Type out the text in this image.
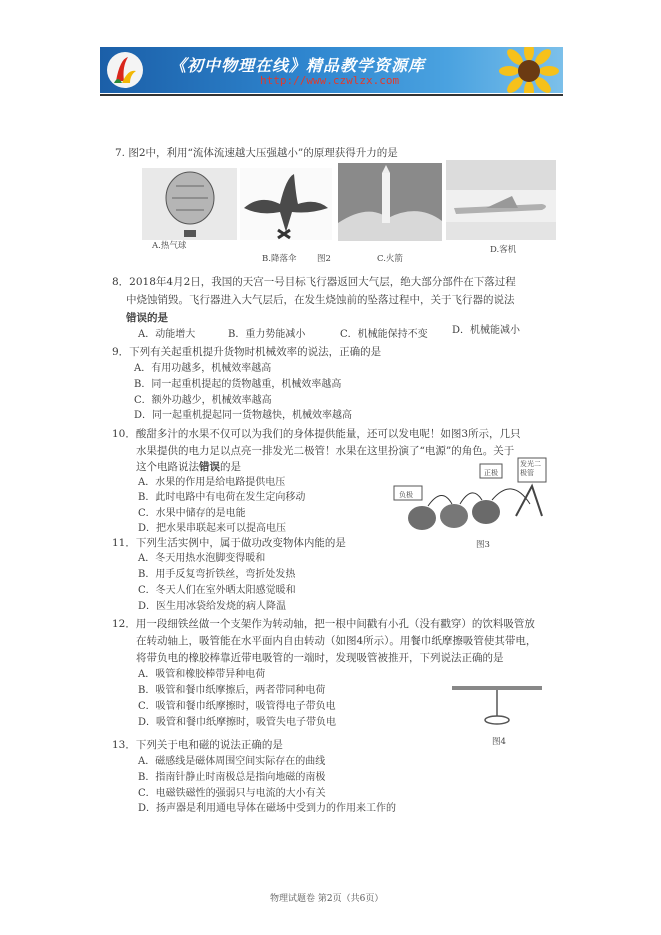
《初中物理在线》精品教学资源库
http://www.czwlzx.com
7. 图2中，利用“流体流速越大压强越小”的原理获得升力的是
A.热气球
B.降落伞 图2	C.火箭
D.客机
8．2018年4月2日，我国的天宫一号目标飞行器返回大气层，绝大部分部件在下落过程
中烧蚀销毁。飞行器进入大气层后，在发生烧蚀前的坠落过程中，关于飞行器的说法
错误的是
A．动能增大	B．重力势能减小	C．机械能保持不变 D．机械能减小
9．下列有关起重机提升货物时机械效率的说法，正确的是
A．有用功越多，机械效率越高
B．同一起重机提起的货物越重，机械效率越高
C．额外功越少，机械效率越高
D．同一起重机提起同一货物越快，机械效率越高
10．酸甜多汁的水果不仅可以为我们的身体提供能量，还可以发电呢！如图3所示，几只
水果提供的电力足以点亮一排发光二极管！水果在这里扮演了“电源”的角色。关于
这个电路说法错误的是
A．水果的作用是给电路提供电压
B．此时电路中有电荷在发生定向移动
C．水果中储存的是电能
D．把水果串联起来可以提高电压
负极
正极
发光二极管
图3
11．下列生活实例中，属于做功改变物体内能的是
A．冬天用热水泡脚变得暖和
B．用手反复弯折铁丝，弯折处发热
C．冬天人们在室外晒太阳感觉暖和
D．医生用冰袋给发烧的病人降温
12．用一段细铁丝做一个支架作为转动轴，把一根中间戳有小孔（没有戳穿）的饮料吸管放
在转动轴上，吸管能在水平面内自由转动（如图4所示）。用餐巾纸摩擦吸管使其带电，
将带负电的橡胶棒靠近带电吸管的一端时，发现吸管被推开，下列说法正确的是
A．吸管和橡胶棒带异种电荷
B．吸管和餐巾纸摩擦后，两者带同种电荷
C．吸管和餐巾纸摩擦时，吸管得电子带负电
D．吸管和餐巾纸摩擦时，吸管失电子带负电
图4
13．下列关于电和磁的说法正确的是
A．磁感线是磁体周围空间实际存在的曲线
B．指南针静止时南极总是指向地磁的南极
C．电磁铁磁性的强弱只与电流的大小有关
D．扬声器是利用通电导体在磁场中受到力的作用来工作的
物理试题卷 第2页（共6页）
